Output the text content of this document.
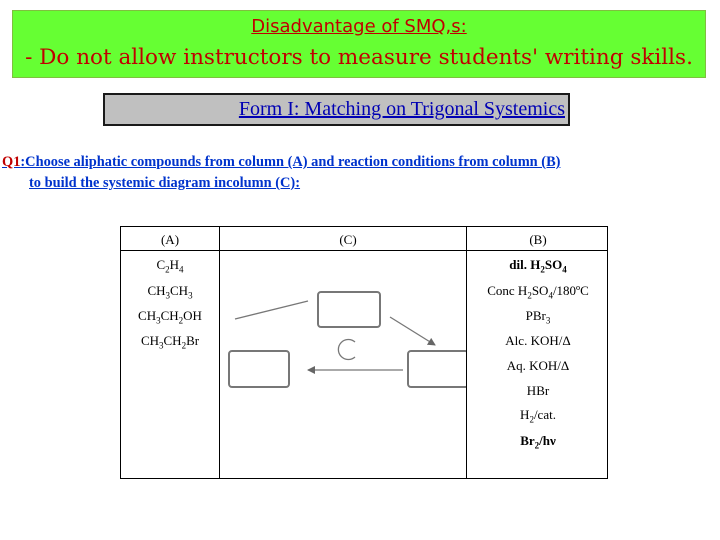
Disadvantage of SMQ,s:
- Do not allow instructors to measure students' writing skills.
Form I: Matching on Trigonal Systemics
Q1:Choose aliphatic compounds from column (A) and reaction conditions from column (B)
to build the systemic diagram incolumn (C):
(A)	(C)	(B)
$C_2H_4$
$CH_3CH_3$
$CH_3CH_2OH$
$CH_3CH_2Br$
dil. $H_2SO_4$
Conc $H_2SO_4/180ºC$
PBr$_3$
Alc. KOH/Δ
Aq. KOH/Δ
HBr
$H_2$/cat.
$Br_2/h\nu$
